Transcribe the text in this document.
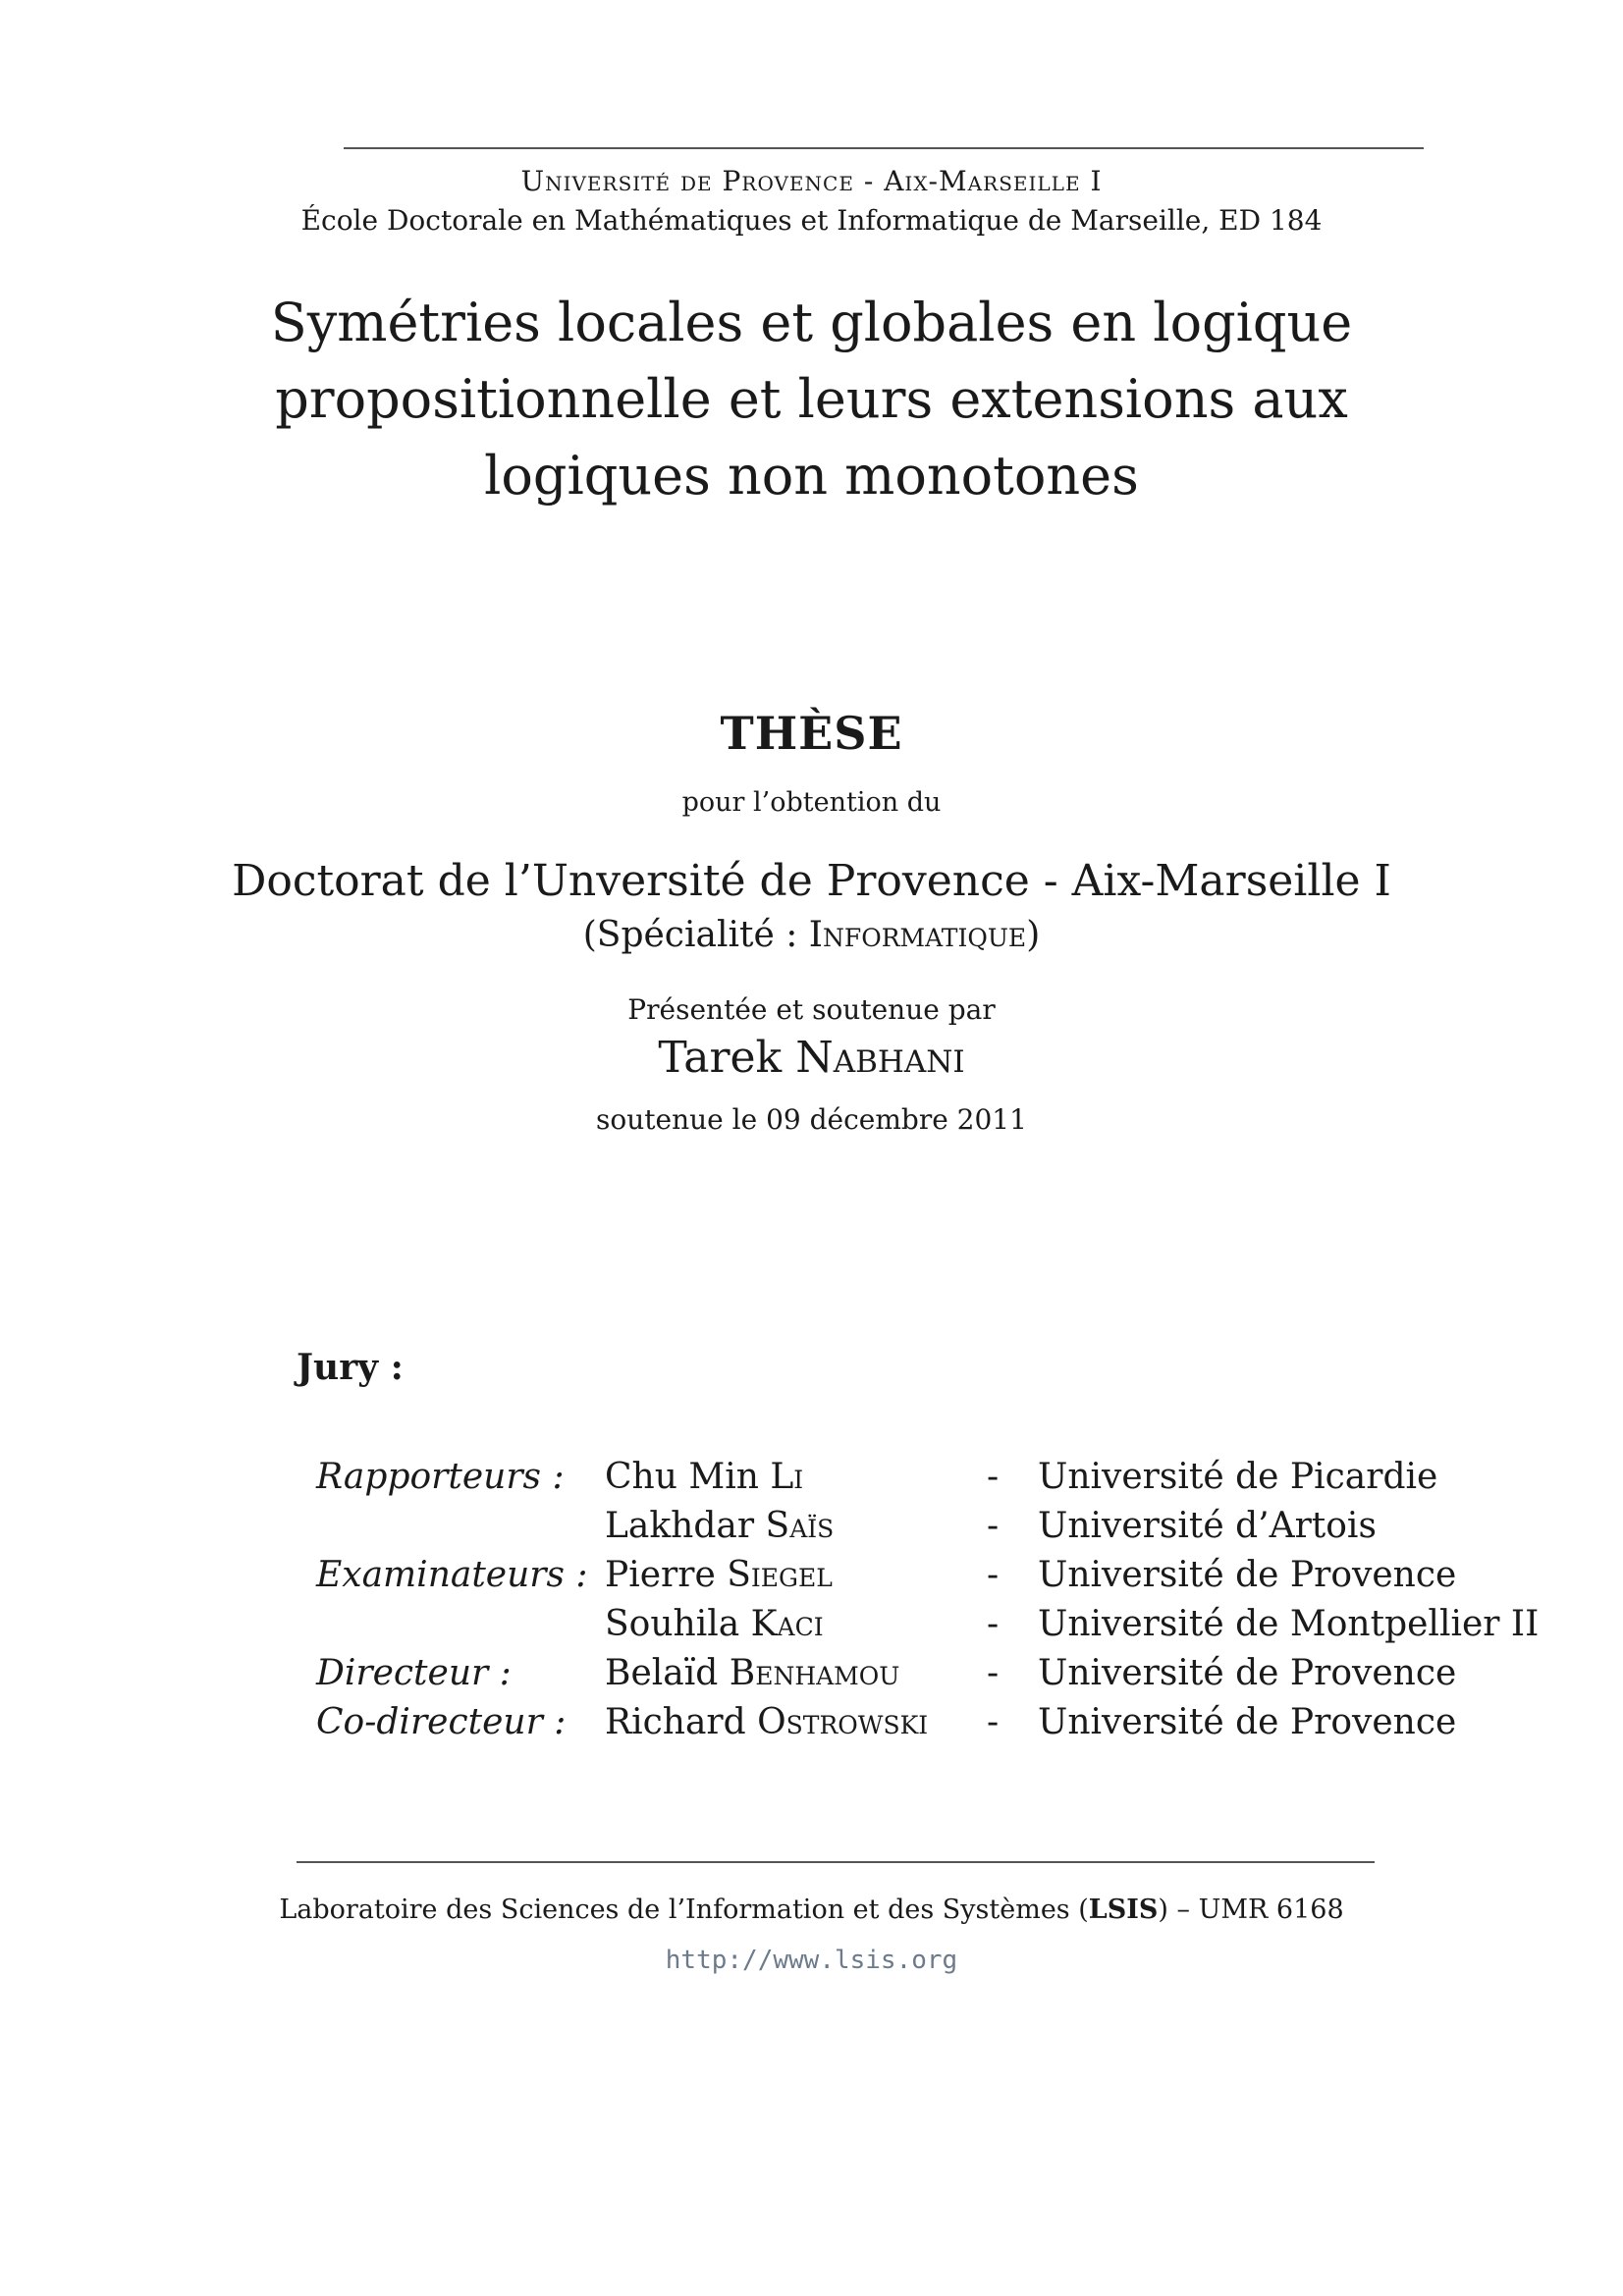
Université de Provence - Aix-Marseille I
École Doctorale en Mathématiques et Informatique de Marseille, ED 184
Symétries locales et globales en logique
propositionnelle et leurs extensions aux
logiques non monotones
THÈSE
pour l’obtention du
Doctorat de l’Unversité de Provence - Aix-Marseille I
(Spécialité : Informatique)
Présentée et soutenue par
Tarek Nabhani
soutenue le 09 décembre 2011
Jury :
Rapporteurs : Chu Min Li	- Université de Picardie
Lakhdar Saïs	- Université d’Artois
Examinateurs : Pierre Siegel	- Université de Provence
Souhila Kaci	- Université de Montpellier II
Directeur :	Belaïd Benhamou - Université de Provence
Co-directeur : Richard Ostrowski - Université de Provence
Laboratoire des Sciences de l’Information et des Systèmes (LSIS) – UMR 6168
http://www.lsis.org
